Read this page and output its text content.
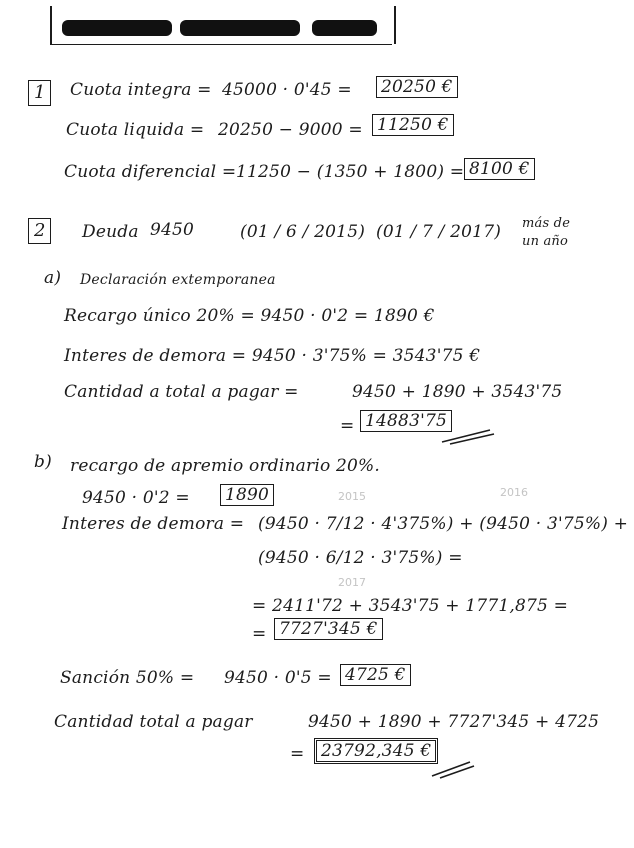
1	Cuota integra = 45000 · 0'45 = 20250 €
Cuota liquida = 20250 − 9000 = 11250 €
Cuota diferencial = 11250 − (1350 + 1800) = 8100 €
2	Deuda 9450	(01 / 6 / 2015) (01 / 7 / 2017) más de
un año
a) Declaración extemporanea
Recargo único 20% = 9450 · 0'2 = 1890 €
Interes de demora = 9450 · 3'75% = 3543'75 €
Cantidad a total a pagar =	9450 + 1890 + 3543'75
= 14883'75
b) recargo de apremio ordinario 20%.
9450 · 0'2 = 1890	2015	2016
Interes de demora = (9450 · 7/12 · 4'375%) + (9450 · 3'75%) +
(9450 · 6/12 · 3'75%) =
2017
= 2411'72 + 3543'75 + 1771,875 =
= 7727'345 €
Sanción 50% = 9450 · 0'5 = 4725 €
Cantidad total a pagar	9450 + 1890 + 7727'345 + 4725
= 23792,345 €
